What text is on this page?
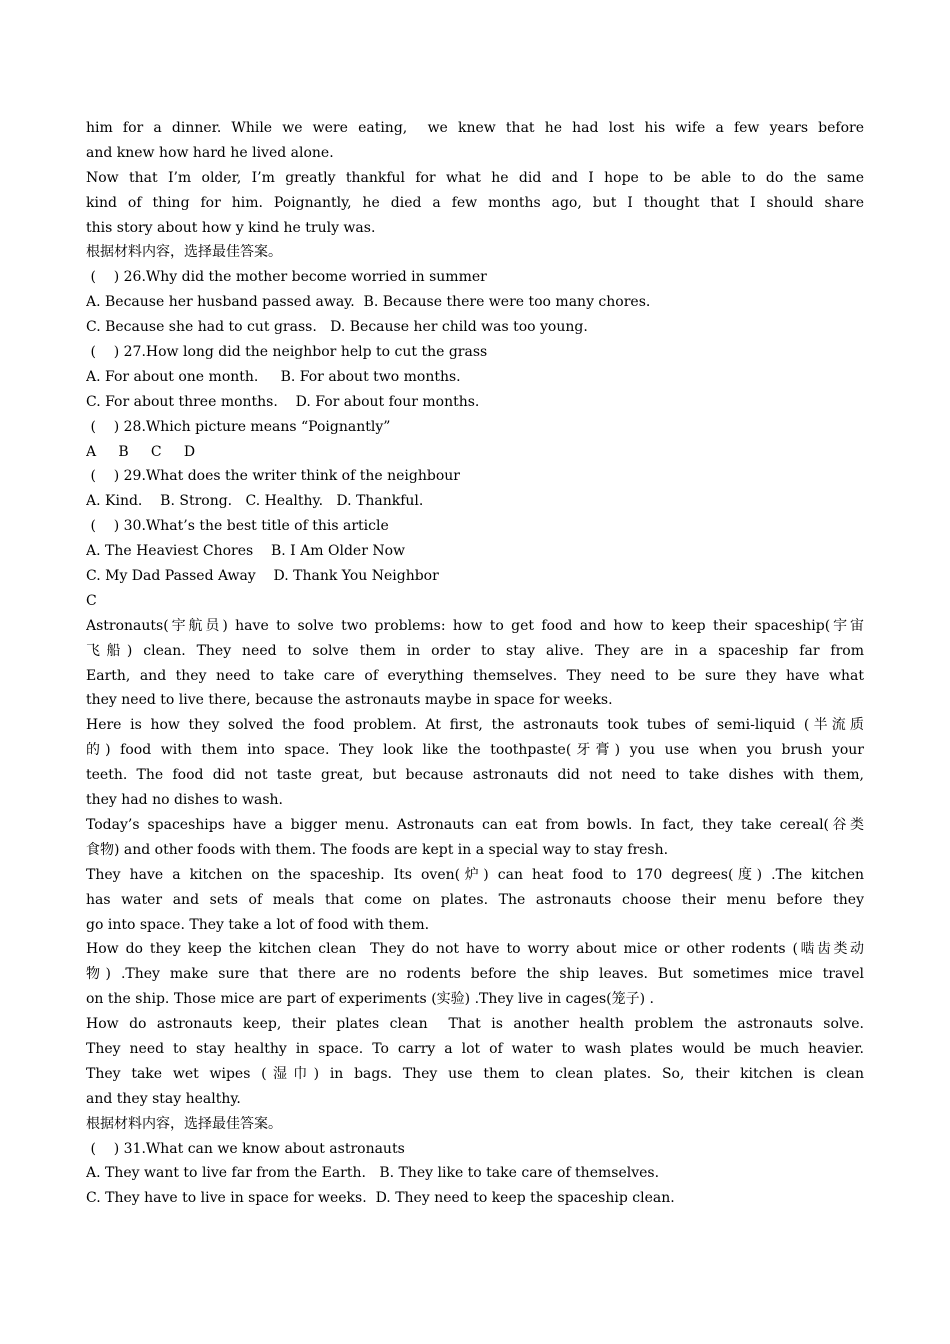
him for a dinner. While we were eating,  we knew that he had lost his wife a few years before
and knew how hard he lived alone.
Now that I’m older, I’m greatly thankful for what he did and I hope to be able to do the same
kind of thing for him. Poignantly, he died a few months ago, but I thought that I should share
this story about how y kind he truly was.
根据材料内容，选择最佳答案。
(    ) 26.Why did the mother become worried in summer
A. Because her husband passed away.  B. Because there were too many chores.
C. Because she had to cut grass.   D. Because her child was too young.
(    ) 27.How long did the neighbor help to cut the grass
A. For about one month.     B. For about two months.
C. For about three months.    D. For about four months.
(    ) 28.Which picture means “Poignantly”
A     B     C     D
(    ) 29.What does the writer think of the neighbour
A. Kind.    B. Strong.   C. Healthy.   D. Thankful.
(    ) 30.What’s the best title of this article
A. The Heaviest Chores    B. I Am Older Now
C. My Dad Passed Away    D. Thank You Neighbor
C
Astronauts(宇航员) have to solve two problems: how to get food and how to keep their spaceship(宇宙
飞船) clean. They need to solve them in order to stay alive. They are in a spaceship far from
Earth, and they need to take care of everything themselves. They need to be sure they have what
they need to live there, because the astronauts maybe in space for weeks.
Here is how they solved the food problem. At first, the astronauts took tubes of semi-liquid (半流质
的) food with them into space. They look like the toothpaste(牙膏) you use when you brush your
teeth. The food did not taste great, but because astronauts did not need to take dishes with them,
they had no dishes to wash.
Today’s spaceships have a bigger menu. Astronauts can eat from bowls. In fact, they take cereal(谷类
食物) and other foods with them. The foods are kept in a special way to stay fresh.
They have a kitchen on the spaceship. Its oven(炉) can heat food to 170 degrees(度) .The kitchen
has water and sets of meals that come on plates. The astronauts choose their menu before they
go into space. They take a lot of food with them.
How do they keep the kitchen clean  They do not have to worry about mice or other rodents (啮齿类动
物) .They make sure that there are no rodents before the ship leaves. But sometimes mice travel
on the ship. Those mice are part of experiments (实验) .They live in cages(笼子) .
How do astronauts keep, their plates clean  That is another health problem the astronauts solve.
They need to stay healthy in space. To carry a lot of water to wash plates would be much heavier.
They take wet wipes (湿巾) in bags. They use them to clean plates. So, their kitchen is clean
and they stay healthy.
根据材料内容，选择最佳答案。
(    ) 31.What can we know about astronauts
A. They want to live far from the Earth.   B. They like to take care of themselves.
C. They have to live in space for weeks.  D. They need to keep the spaceship clean.
